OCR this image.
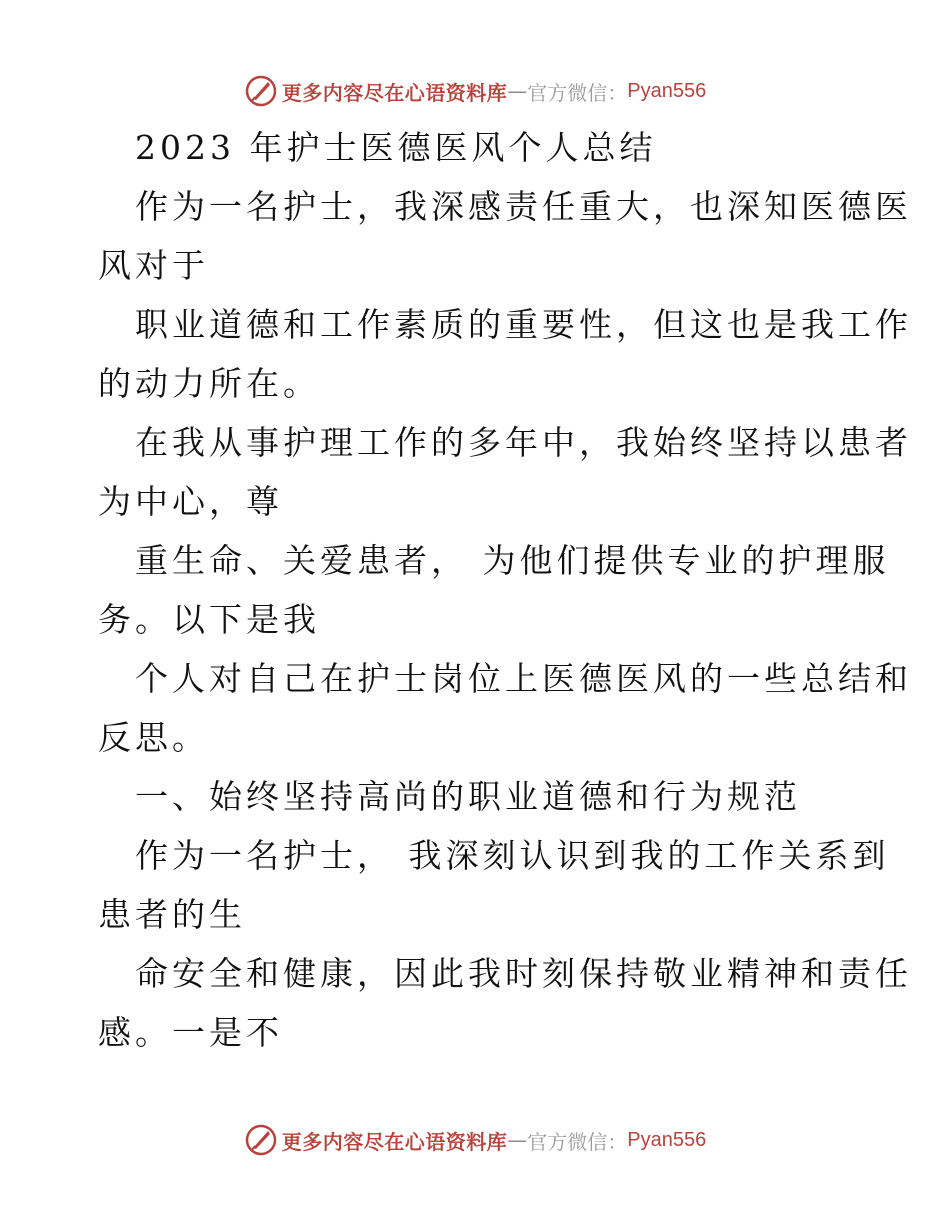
更多内容尽在心语资料库 — 官方微信： Pyan556
2023 年护士医德医风个人总结
作为一名护士，我深感责任重大，也深知医德医
风对于
职业道德和工作素质的重要性，但这也是我工作
的动力所在。
在我从事护理工作的多年中，我始终坚持以患者
为中心，尊
重生命、关爱患者， 为他们提供专业的护理服
务。以下是我
个人对自己在护士岗位上医德医风的一些总结和
反思。
一、始终坚持高尚的职业道德和行为规范
作为一名护士， 我深刻认识到我的工作关系到
患者的生
命安全和健康，因此我时刻保持敬业精神和责任
感。一是不
更多内容尽在心语资料库 — 官方微信： Pyan556
